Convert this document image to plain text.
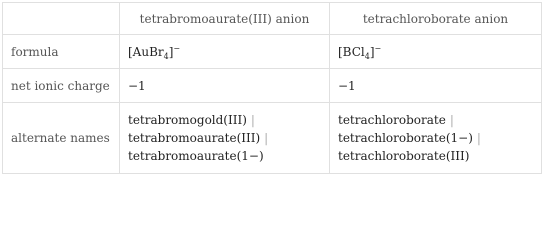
	tetrabromoaurate(III) anion	tetrachloroborate anion
formula	[AuBr$_4$]−	[BCl$_4$]−
net ionic charge	−1	−1
alternate names	tetrabromogold(III) |
tetrabromoaurate(III) |
tetrabromoaurate(1−)	tetrachloroborate |
tetrachloroborate(1−) |
tetrachloroborate(III)
